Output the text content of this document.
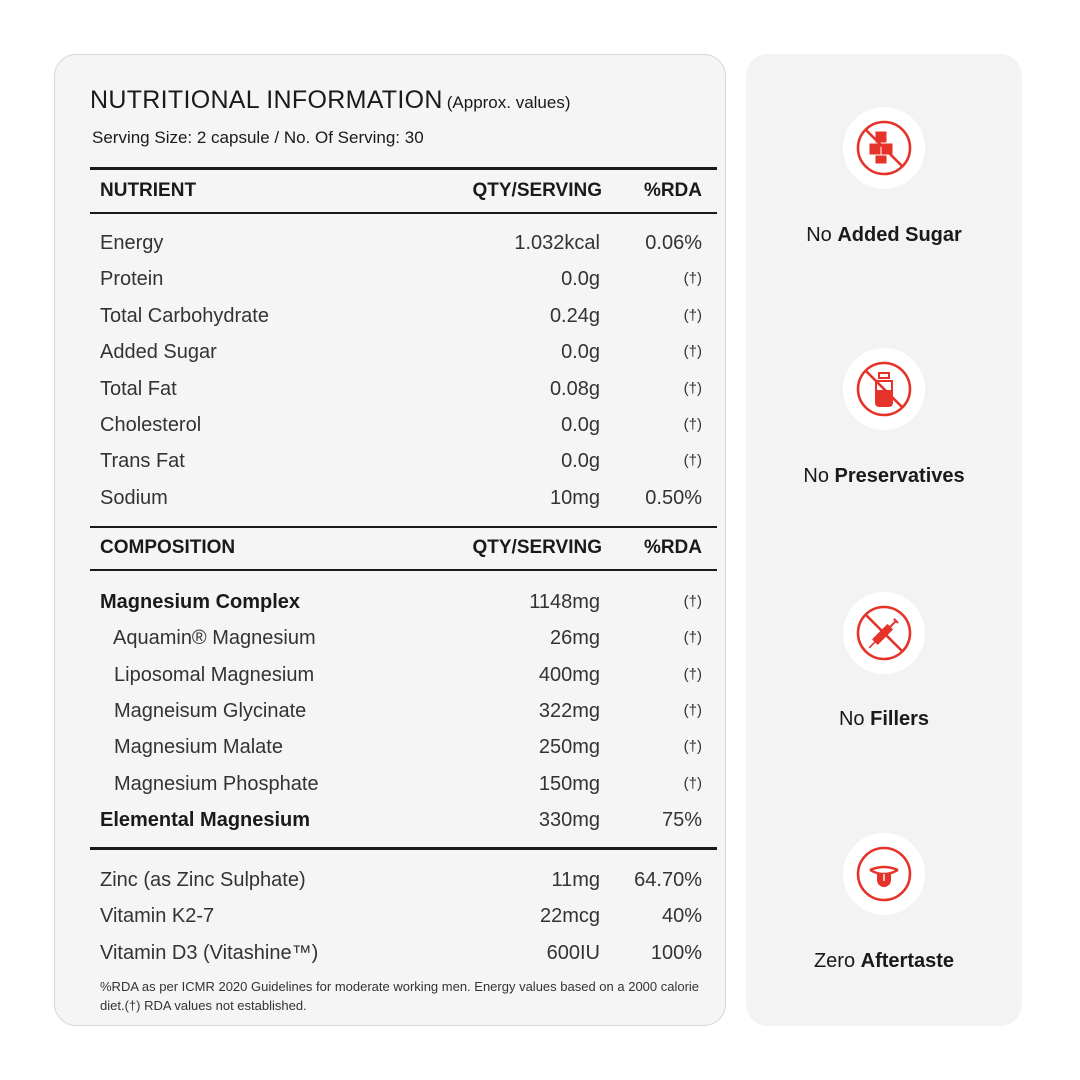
NUTRITIONAL INFORMATION (Approx. values)
Serving Size: 2 capsule / No. Of Serving: 30
NUTRIENT	QTY/SERVING %RDA
Energy	1.032kcal 0.06%
Protein	0.0g	(†)
Total Carbohydrate	0.24g	(†)
Added Sugar	0.0g	(†)
Total Fat	0.08g	(†)
Cholesterol	0.0g	(†)
Trans Fat	0.0g	(†)
Sodium	10mg 0.50%
COMPOSITION	QTY/SERVING %RDA
Magnesium Complex	1148mg	(†)
Aquamin® Magnesium	26mg	(†)
Liposomal Magnesium	400mg	(†)
Magneisum Glycinate	322mg	(†)
Magnesium Malate	250mg	(†)
Magnesium Phosphate	150mg	(†)
Elemental Magnesium	330mg	75%
Zinc (as Zinc Sulphate)	11mg 64.70%
Vitamin K2-7	22mcg	40%
Vitamin D3 (Vitashine™)	600IU	100%
%RDA as per ICMR 2020 Guidelines for moderate working men. Energy values based on a 2000 calorie diet.(†) RDA values not established.
No Added Sugar
No Preservatives
No Fillers
Zero Aftertaste
